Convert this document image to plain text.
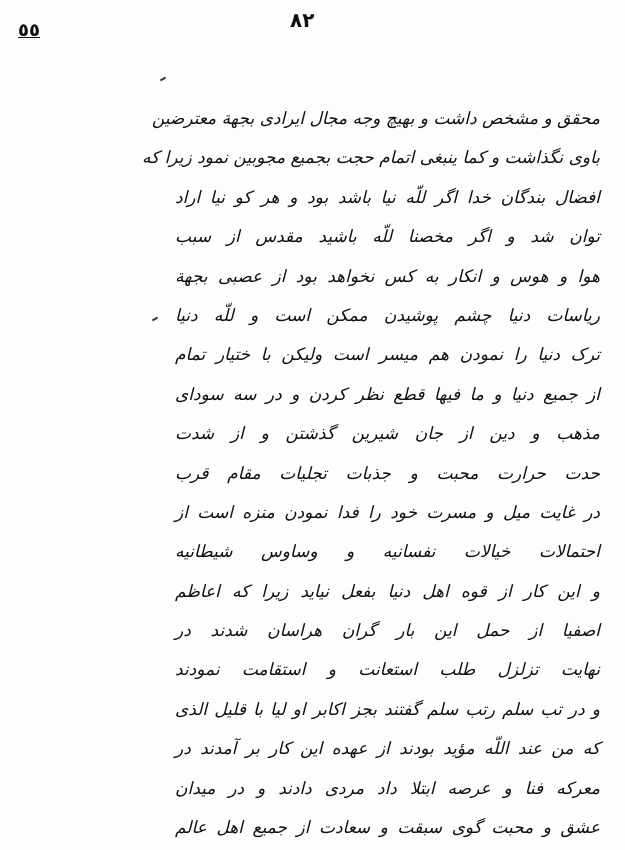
۸۲
٥٥
محقق و مشخص داشت و بهیچ وجه مجال ایرادی بجهة معترضین
باوی نگذاشت و کما ینبغی اتمام حجت بجمیع مجوبین نمود زیرا که
افضال بندگان خدا اگر للّه نیا باشد بود و هر کو نیا اراد
توان شد و اگر مخصنا للّه باشید مقدس از سبب
هوا و هوس و انکار به کس نخواهد بود از عصبی بجهة
ریاسات دنیا چشم پوشیدن ممکن است و للّه دنیا
ترک دنیا را نمودن هم میسر است ولیکن با ختیار تمام
از جمیع دنیا و ما فیها قطع نظر کردن و در سه سودای
مذهب و دین از جان شیرین گذشتن و از شدت
حدت حرارت محبت و جذبات تجلیات مقام قرب
در غایت میل و مسرت خود را فدا نمودن منزه است از
احتمالات خیالات نفسانیه و وساوس شیطانیه
و این کار از قوه اهل دنیا بفعل نیاید زیرا که اعاظم
اصفیا از حمل این بار گران هراسان شدند در
نهایت تزلزل طلب استعانت و استقامت نمودند
و در تب سلم رتب سلم گفتند بجز اکابر او لیا با قلیل الذی
که من عند اللّه مؤید بودند از عهده این کار بر آمدند در
معرکه فنا و عرصه ابتلا داد مردی دادند و در میدان
عشق و محبت گوی سبقت و سعادت از جمیع اهل عالم
